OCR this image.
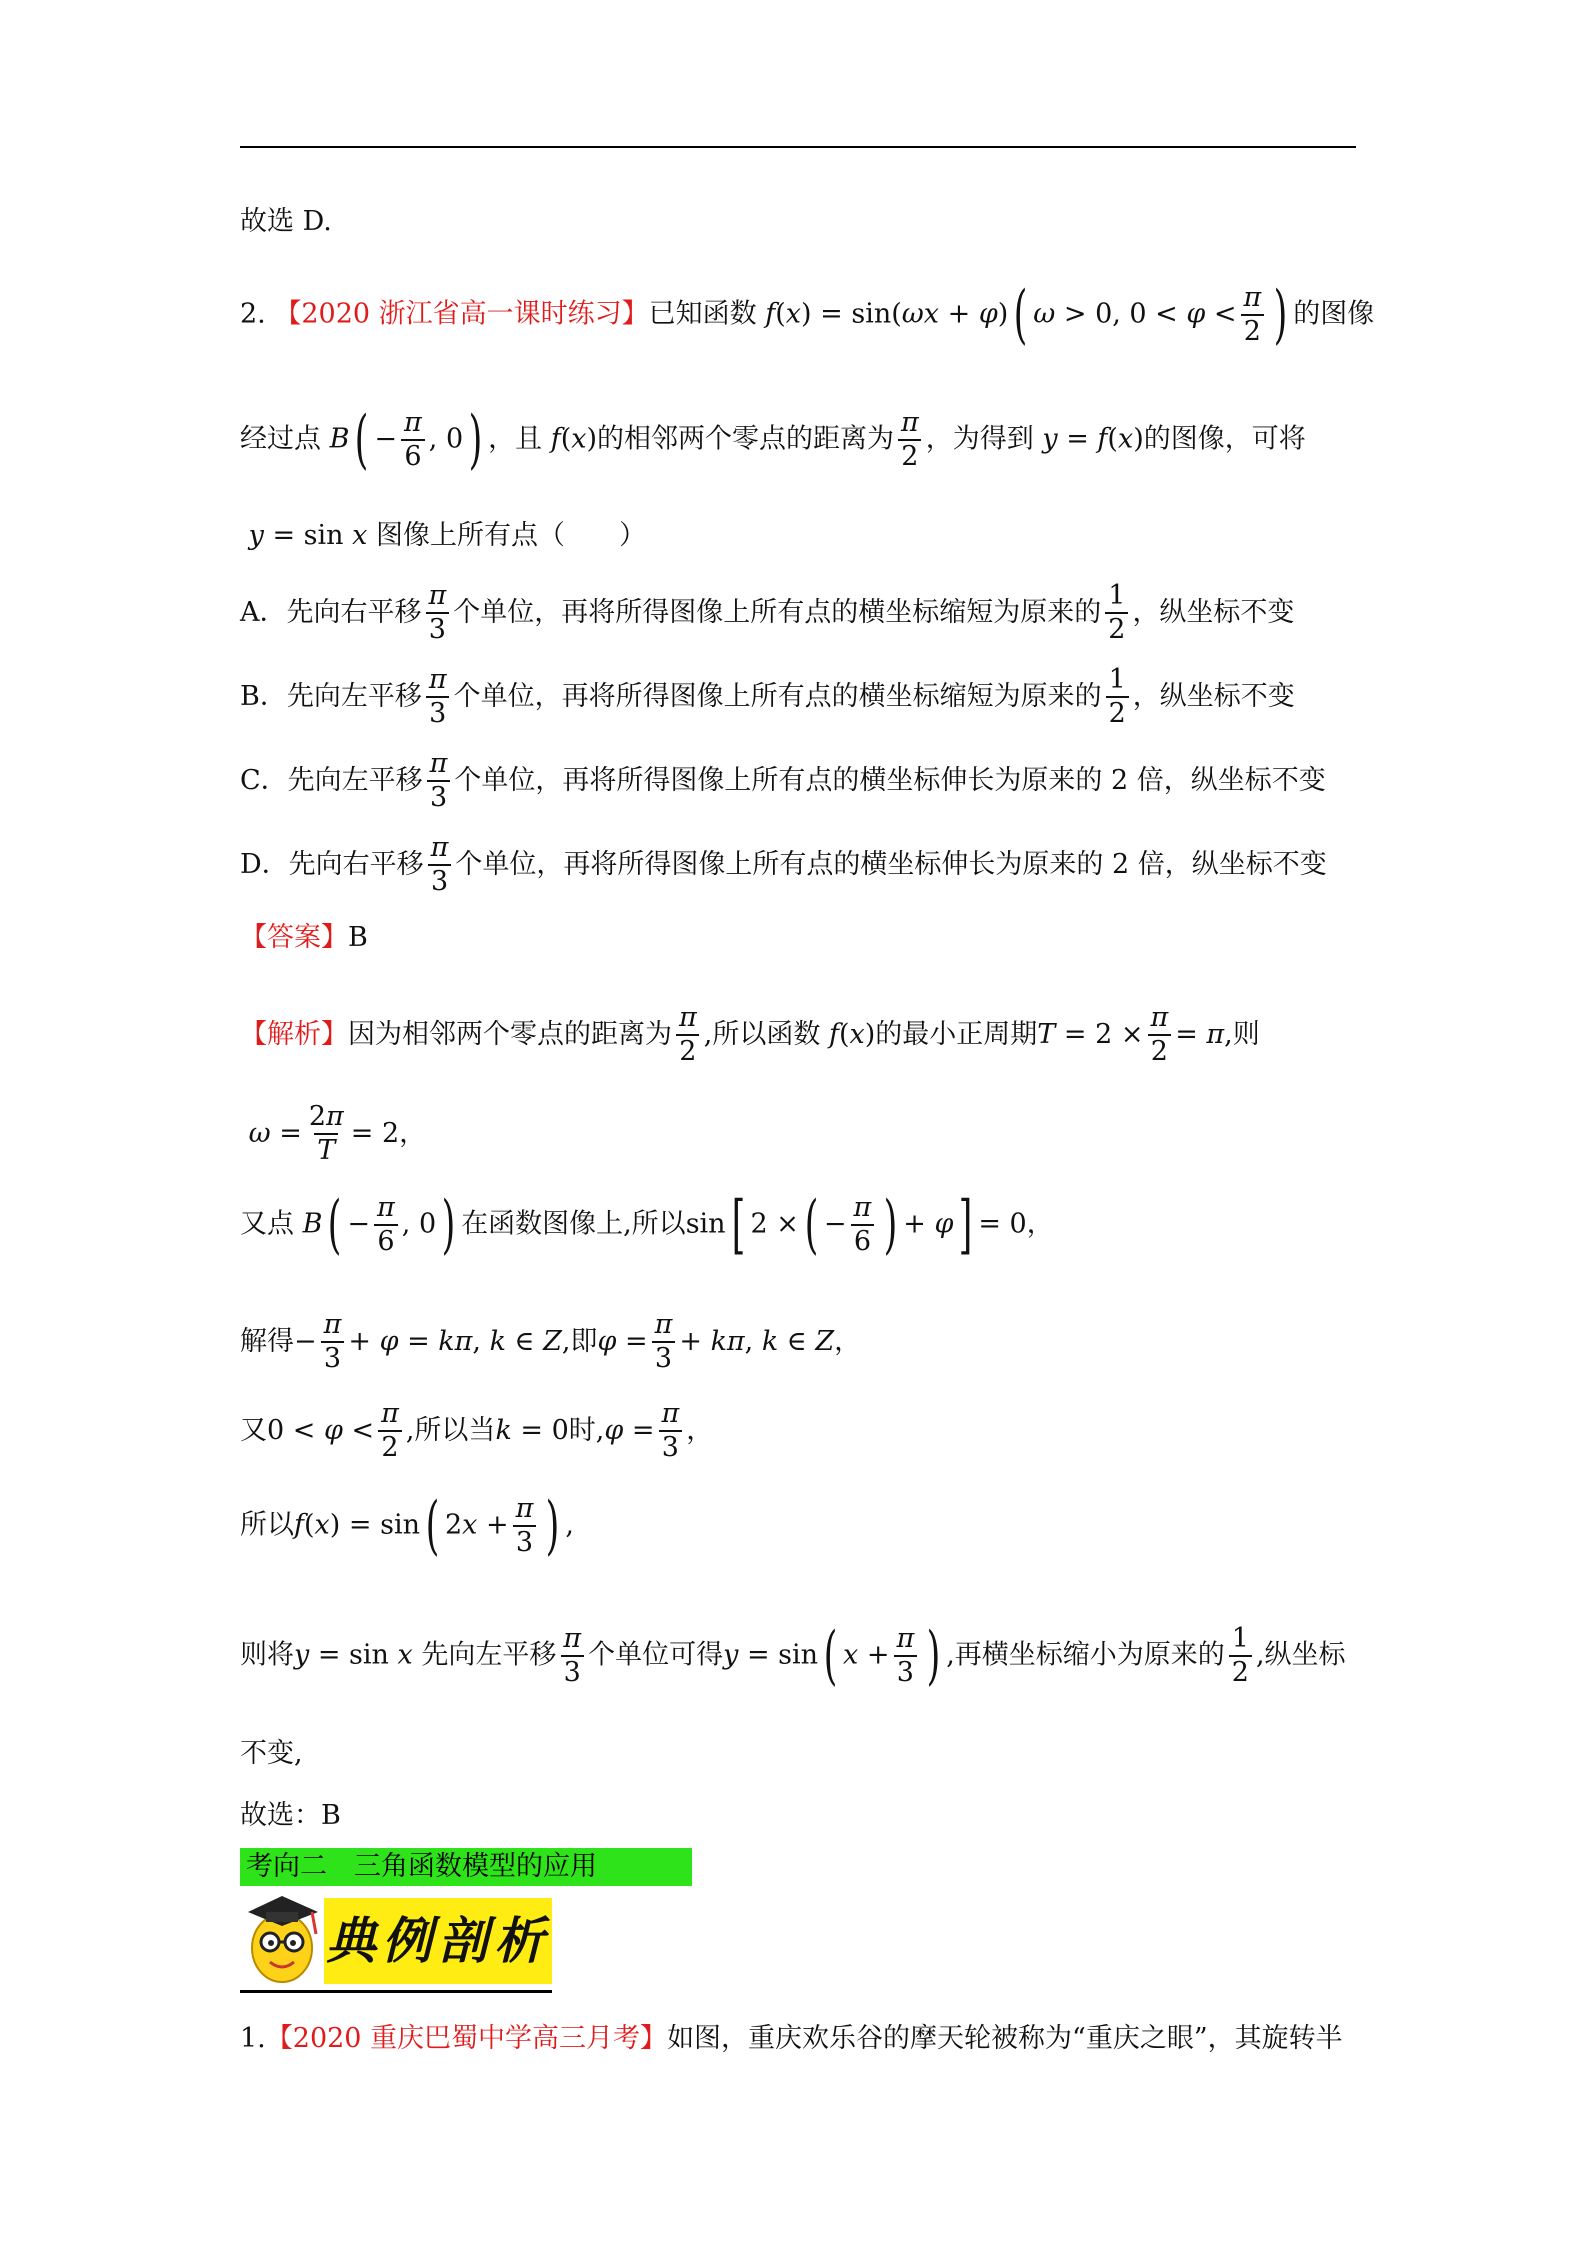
故选 D.
2. 【2020 浙江省高一课时练习】已知函数 f(x) = sin(ωx + φ)( ω > 0, $0 < \varphi < \frac{\pi}{2}$ ) 的图像
经过点 $B( - \frac{\pi}{6}$ , 0) ，且 f(x)的相邻两个零点的距离为 $\frac{\pi}{2}$ ，为得到 y = f(x)的图像，可将
y = sin x 图像上所有点（　　）
A．先向右平移 $\frac{\pi}{3}$ 个单位，再将所得图像上所有点的横坐标缩短为原来的 $\frac{1}{2}$ ，纵坐标不变
B．先向左平移 $\frac{\pi}{3}$ 个单位，再将所得图像上所有点的横坐标缩短为原来的 $\frac{1}{2}$ ，纵坐标不变
C．先向左平移 $\frac{\pi}{3}$ 个单位，再将所得图像上所有点的横坐标伸长为原来的 2 倍，纵坐标不变
D．先向右平移 $\frac{\pi}{3}$ 个单位，再将所得图像上所有点的横坐标伸长为原来的 2 倍，纵坐标不变
【答案】B
【解析】因为相邻两个零点的距离为 $\frac{\pi}{2}$ ,所以函数 f(x)的最小正周期$T = 2 \times \frac{\pi}{2} = \pi$,则
$\omega = \frac{2\pi}{T} = 2$，
又点 $B( - \frac{\pi}{6}$ , 0) 在函数图像上,所以sin[ 2 ×( − $\frac{\pi}{6}$ ) + φ] = 0，
解得− $\frac{\pi}{3} + \varphi = k\pi$, k ∈ Z,即$\varphi = \frac{\pi}{3} + k\pi$, k ∈ Z，
又$0 < \varphi < \frac{\pi}{2}$ ,所以当k = 0时$,\varphi = \frac{\pi}{3}$ ，
所以f(x) = sin( $2x + \frac{\pi}{3}$ ) ,
则将y = sin x 先向左平移 $\frac{\pi}{3}$ 个单位可得y = sin( $x + \frac{\pi}{3}$ ) ,再横坐标缩小为原来的 $\frac{1}{2}$ ,纵坐标
不变,
故选：B
考向二　三角函数模型的应用
典例剖析
1.【2020 重庆巴蜀中学高三月考】如图，重庆欢乐谷的摩天轮被称为“重庆之眼”，其旋转半
